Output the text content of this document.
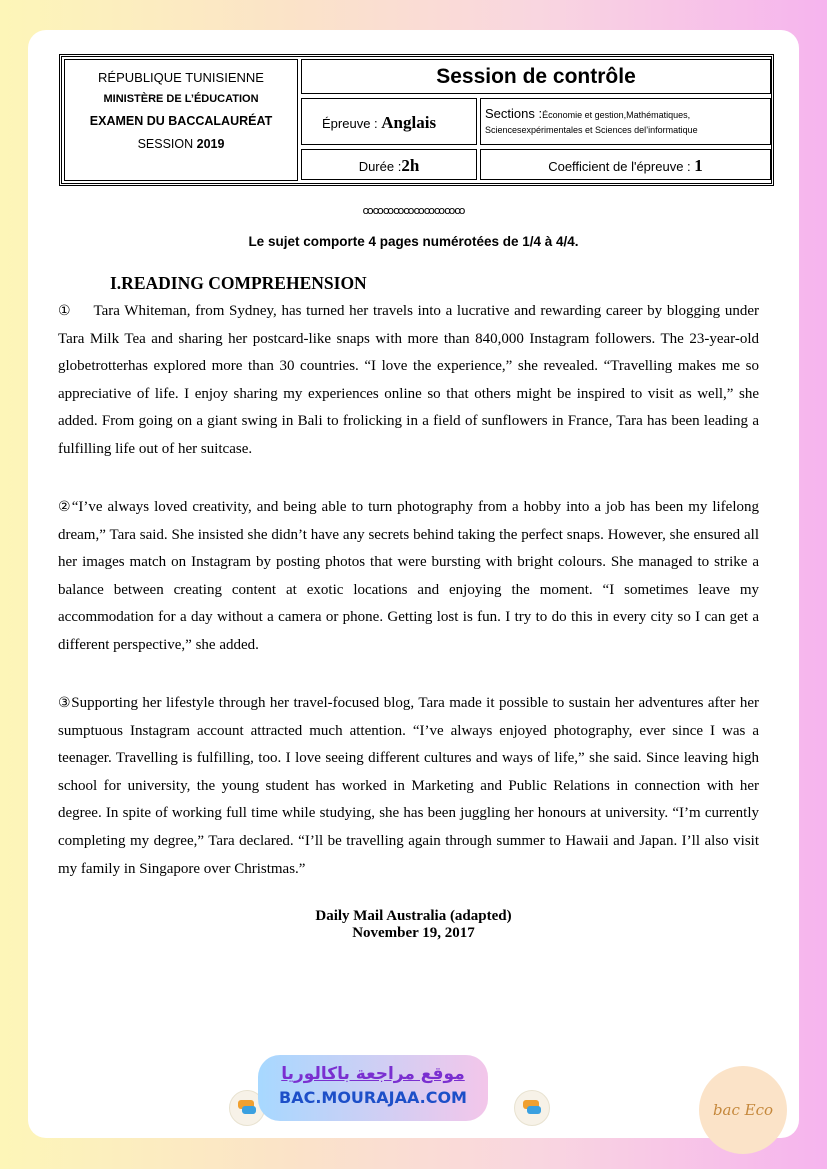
RÉPUBLIQUE TUNISIENNE
MINISTÈRE DE L’ÉDUCATION
EXAMEN DU BACCALAURÉAT
SESSION 2019
Session de contrôle
Épreuve : Anglais	Sections :Économie et gestion,Mathématiques,
Sciencesexpérimentales et Sciences del’informatique
Durée :2h	Coefficient de l'épreuve : 1
ꝏꝏꝏꝏꝏꝏꝏꝏꝏꝏ
Le sujet comporte 4 pages numérotées de 1/4 à 4/4.
I.READING COMPREHENSION
① Tara Whiteman, from Sydney, has turned her travels into a lucrative and rewarding career by blogging under Tara Milk Tea and sharing her postcard-like snaps with more than 840,000 Instagram followers. The 23-year-old globetrotterhas explored more than 30 countries. “I love the experience,” she revealed. “Travelling makes me so appreciative of life. I enjoy sharing my experiences online so that others might be inspired to visit as well,” she added. From going on a giant swing in Bali to frolicking in a field of sunflowers in France, Tara has been leading a fulfilling life out of her suitcase.
②“I’ve always loved creativity, and being able to turn photography from a hobby into a job has been my lifelong dream,” Tara said. She insisted she didn’t have any secrets behind taking the perfect snaps. However, she ensured all her images match on Instagram by posting photos that were bursting with bright colours. She managed to strike a balance between creating content at exotic locations and enjoying the moment. “I sometimes leave my accommodation for a day without a camera or phone. Getting lost is fun. I try to do this in every city so I can get a different perspective,” she added.
③Supporting her lifestyle through her travel-focused blog, Tara made it possible to sustain her adventures after her sumptuous Instagram account attracted much attention. “I’ve always enjoyed photography, ever since I was a teenager. Travelling is fulfilling, too. I love seeing different cultures and ways of life,” she said. Since leaving high school for university, the young student has worked in Marketing and Public Relations in connection with her degree. In spite of working full time while studying, she has been juggling her honours at university. “I’m currently completing my degree,” Tara declared. “I’ll be travelling again through summer to Hawaii and Japan. I’ll also visit my family in Singapore over Christmas.”
Daily Mail Australia (adapted)
November 19, 2017
موقع مراجعة باكالوريا
BAC.MOURAJAA.COM
bac Eco
